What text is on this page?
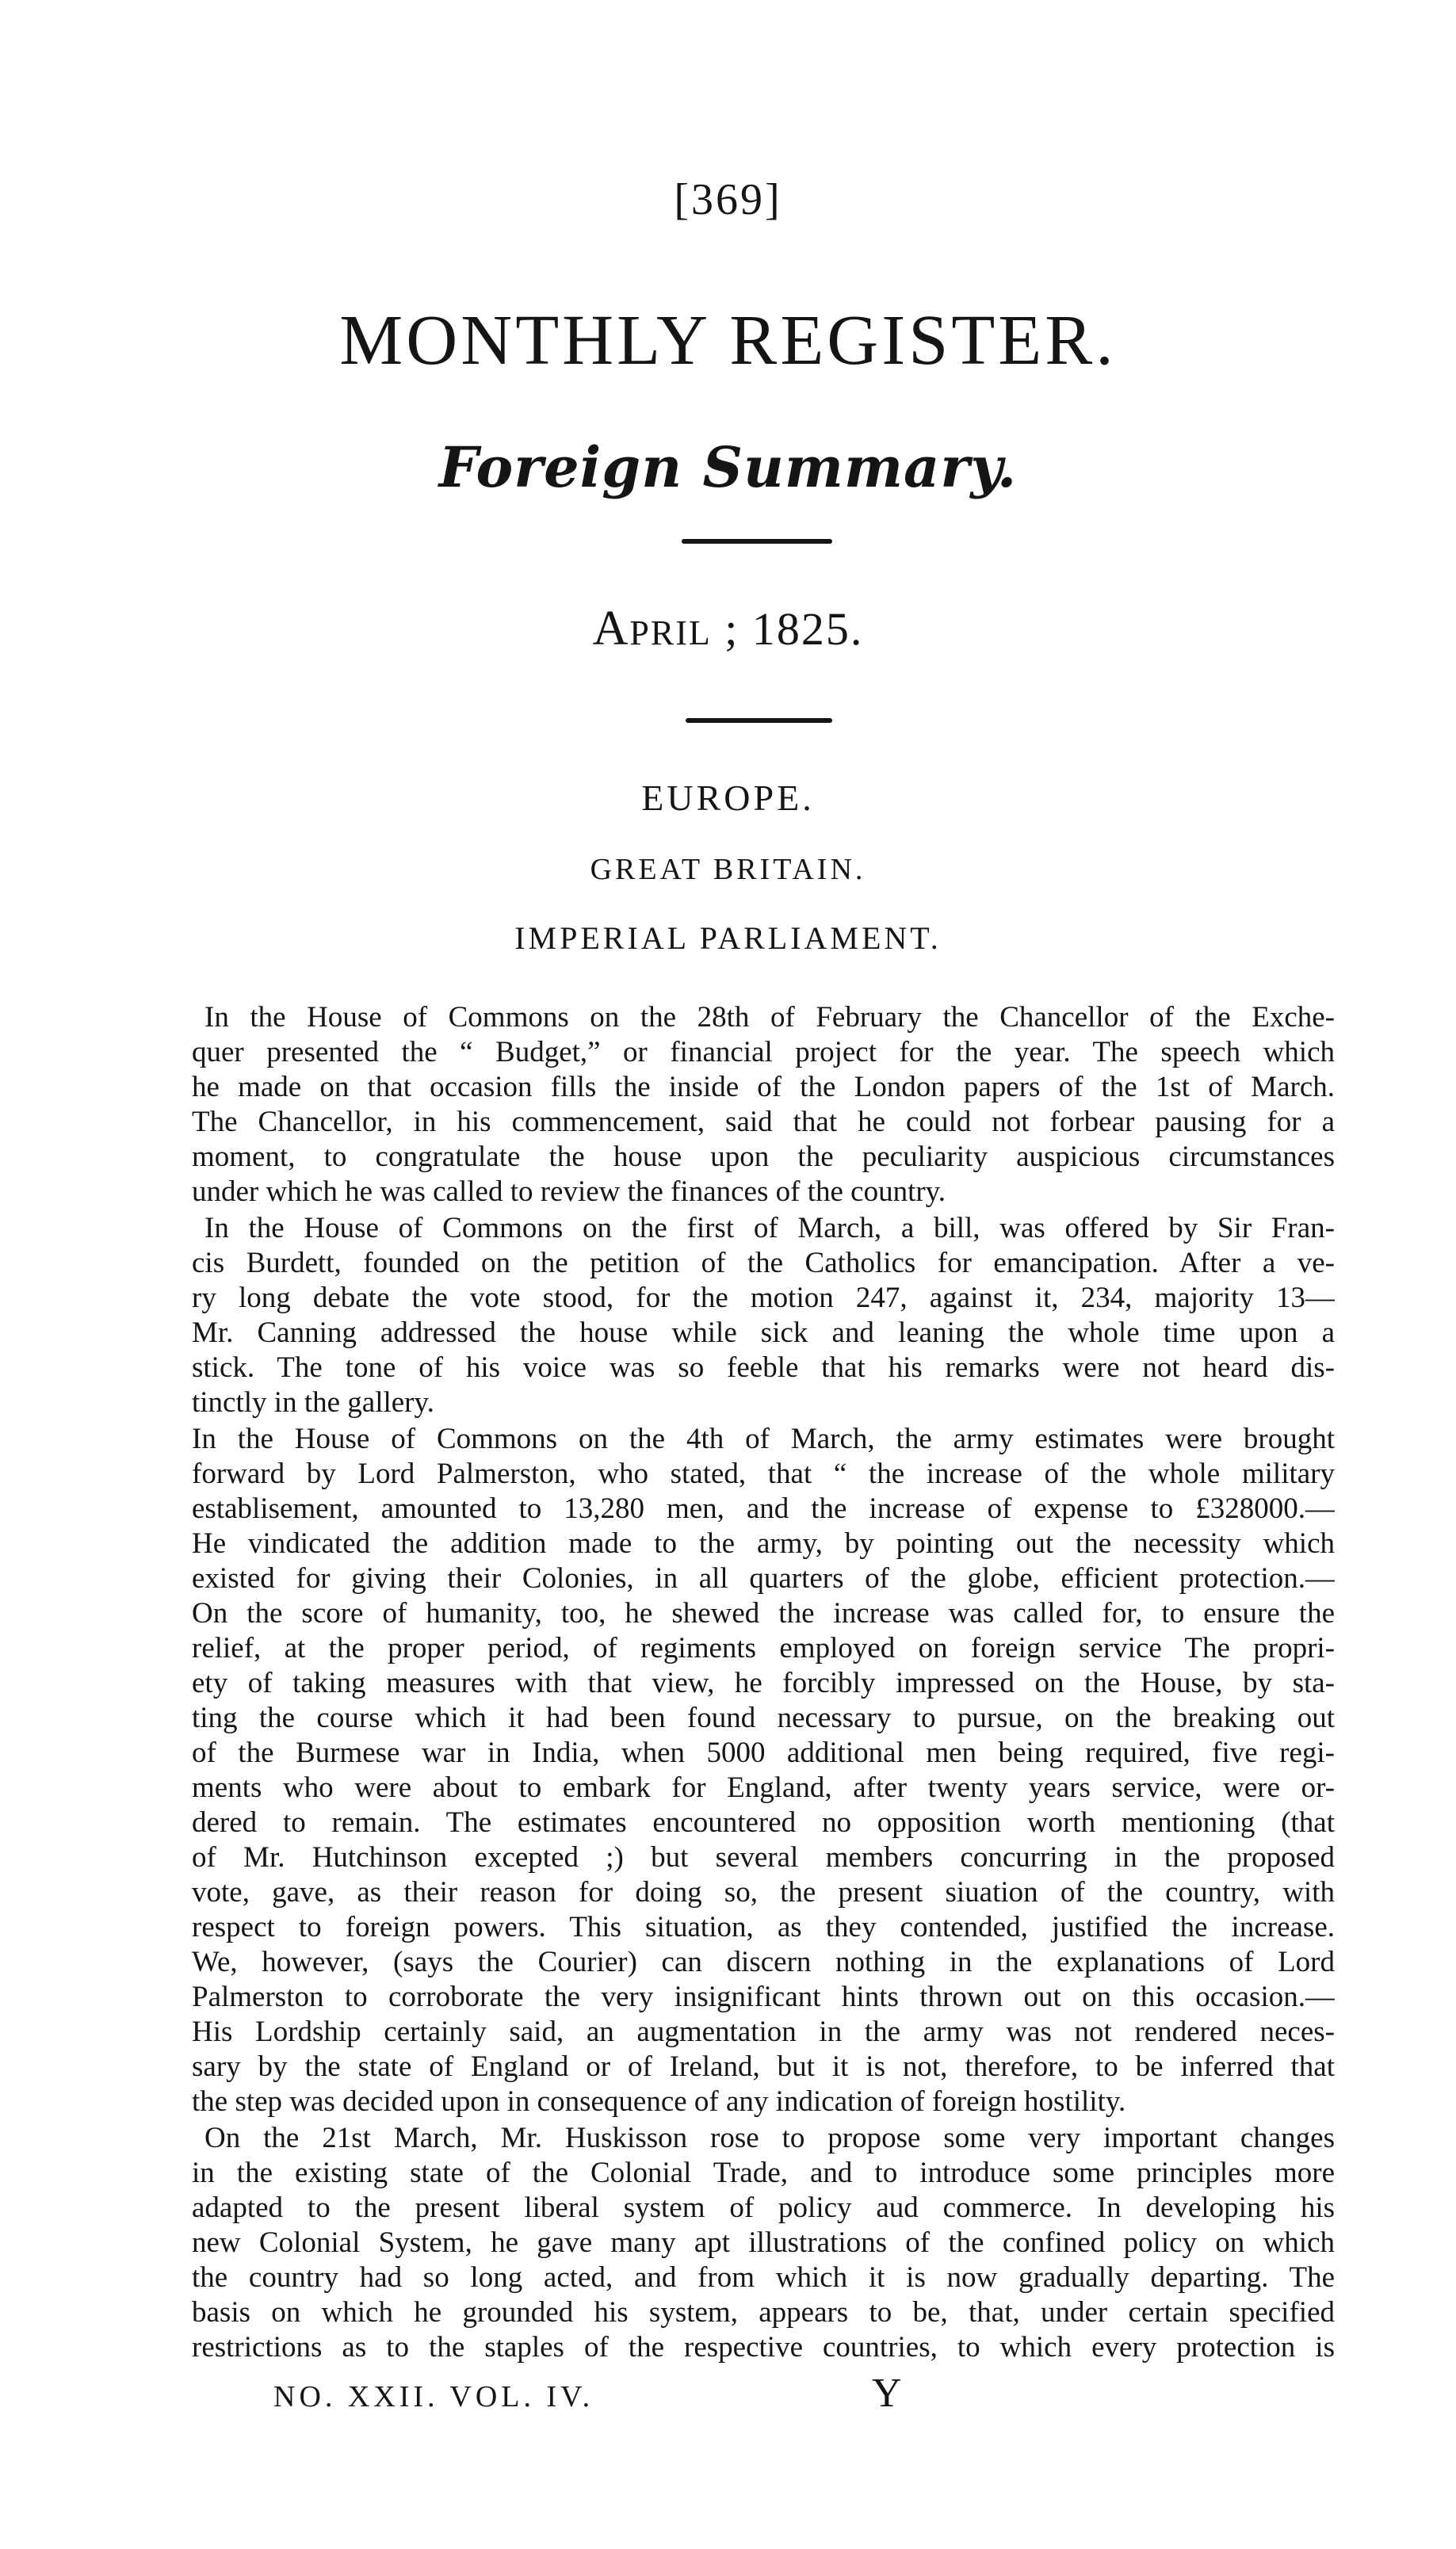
[369]
MONTHLY REGISTER.
Foreign Summary.
APRIL ; 1825.
EUROPE.
GREAT BRITAIN.
IMPERIAL PARLIAMENT.
In the House of Commons on the 28th of February the Chancellor of the Exche-
quer presented the “ Budget,” or financial project for the year. The speech which
he made on that occasion fills the inside of the London papers of the 1st of March.
The Chancellor, in his commencement, said that he could not forbear pausing for a
moment, to congratulate the house upon the peculiarity auspicious circumstances
under which he was called to review the finances of the country.
In the House of Commons on the first of March, a bill, was offered by Sir Fran-
cis Burdett, founded on the petition of the Catholics for emancipation. After a ve-
ry long debate the vote stood, for the motion 247, against it, 234, majority 13—
Mr. Canning addressed the house while sick and leaning the whole time upon a
stick. The tone of his voice was so feeble that his remarks were not heard dis-
tinctly in the gallery.
In the House of Commons on the 4th of March, the army estimates were brought
forward by Lord Palmerston, who stated, that “ the increase of the whole military
establisement, amounted to 13,280 men, and the increase of expense to £328000.—
He vindicated the addition made to the army, by pointing out the necessity which
existed for giving their Colonies, in all quarters of the globe, efficient protection.—
On the score of humanity, too, he shewed the increase was called for, to ensure the
relief, at the proper period, of regiments employed on foreign service The propri-
ety of taking measures with that view, he forcibly impressed on the House, by sta-
ting the course which it had been found necessary to pursue, on the breaking out
of the Burmese war in India, when 5000 additional men being required, five regi-
ments who were about to embark for England, after twenty years service, were or-
dered to remain. The estimates encountered no opposition worth mentioning (that
of Mr. Hutchinson excepted ;) but several members concurring in the proposed
vote, gave, as their reason for doing so, the present siuation of the country, with
respect to foreign powers. This situation, as they contended, justified the increase.
We, however, (says the Courier) can discern nothing in the explanations of Lord
Palmerston to corroborate the very insignificant hints thrown out on this occasion.—
His Lordship certainly said, an augmentation in the army was not rendered neces-
sary by the state of England or of Ireland, but it is not, therefore, to be inferred that
the step was decided upon in consequence of any indication of foreign hostility.
On the 21st March, Mr. Huskisson rose to propose some very important changes
in the existing state of the Colonial Trade, and to introduce some principles more
adapted to the present liberal system of policy aud commerce. In developing his
new Colonial System, he gave many apt illustrations of the confined policy on which
the country had so long acted, and from which it is now gradually departing. The
basis on which he grounded his system, appears to be, that, under certain specified
restrictions as to the staples of the respective countries, to which every protection is
NO. XXII. VOL. IV.	Y
